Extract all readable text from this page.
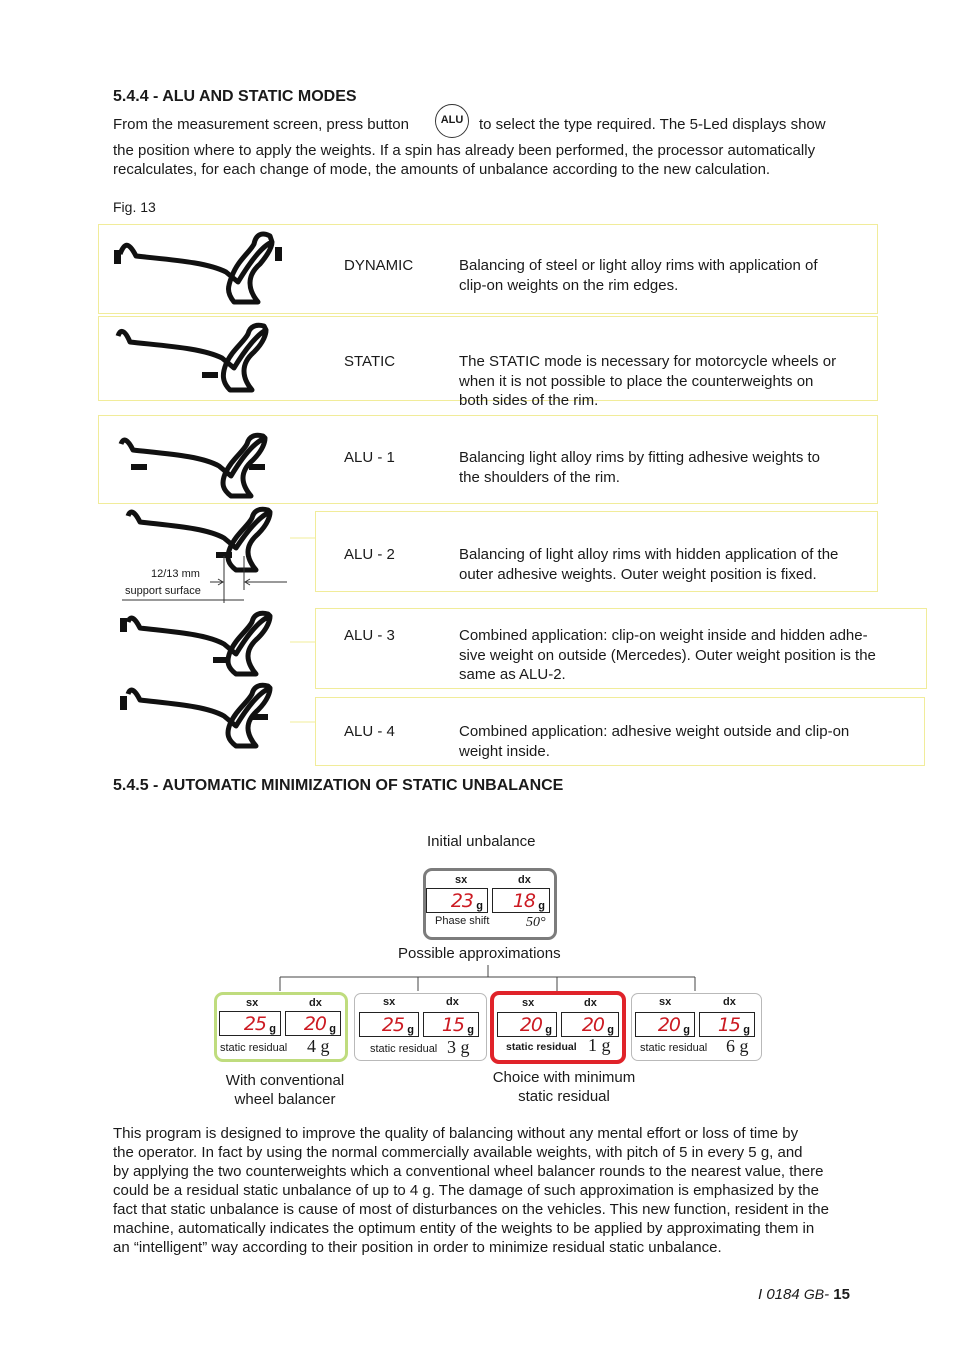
5.4.4 - ALU AND STATIC MODES
From the measurement screen, press button	ALU	to select the type required. The 5-Led displays show
the position where to apply the weights. If a spin has already been performed, the processor automatically
recalculates, for each change of mode, the amounts of unbalance according to the new calculation.
Fig. 13
DYNAMIC	Balancing of steel or light alloy rims with application of
clip-on weights on the rim edges.
STATIC	The STATIC mode is necessary for motorcycle wheels or
when it is not possible to place the counterweights on
both sides of the rim.
ALU - 1	Balancing light alloy rims by fitting adhesive weights to
the shoulders of the rim.
ALU - 2	Balancing of light alloy rims with hidden application of the
outer adhesive weights. Outer weight position is fixed.
ALU - 3	Combined application: clip-on weight inside and hidden adhe-
sive weight on outside (Mercedes). Outer weight position is the
same as ALU-2.
ALU - 4	Combined application: adhesive weight outside and clip-on
weight inside.
12/13 mm
support surface
5.4.5 - AUTOMATIC MINIMIZATION OF STATIC UNBALANCE
Initial unbalance
sx	dx
23 g 18 g
Phase shift	50°
Possible approximations
sx	dx
25 g 20 g
static residual 4 g
sx	dx
25 g 15 g
static residual 3 g
sx	dx
20 g 20 g
static residual 1 g
sx	dx
20 g 15 g
static residual 6 g
With conventional
wheel balancer
Choice with minimum
static residual
This program is designed to improve the quality of balancing without any mental effort or loss of time by
the operator. In fact by using the normal commercially available weights, with pitch of 5 in every 5 g, and
by applying the two counterweights which a conventional wheel balancer rounds to the nearest value, there
could be a residual static unbalance of up to 4 g. The damage of such approximation is emphasized by the
fact that static unbalance is cause of most of disturbances on the vehicles. This new function, resident in the
machine, automatically indicates the optimum entity of the weights to be applied by approximating them in
an “intelligent” way according to their position in order to minimize residual static unbalance.
I 0184 GB- 15
